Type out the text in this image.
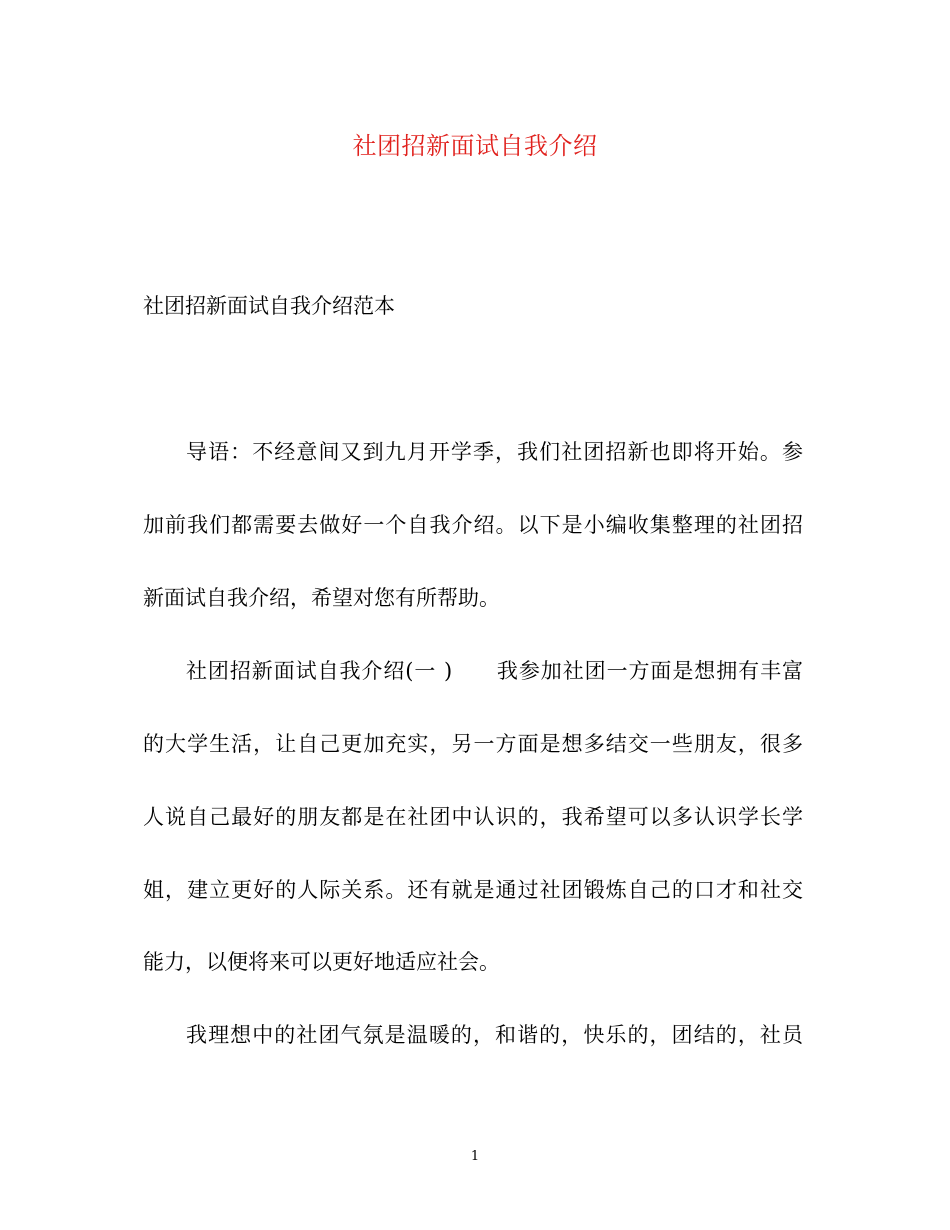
社团招新面试自我介绍
社团招新面试自我介绍范本
导语：不经意间又到九月开学季，我们社团招新也即将开始。参
加前我们都需要去做好一个自我介绍。以下是小编收集整理的社团招
新面试自我介绍，希望对您有所帮助。
社团招新面试自我介绍(一 )　　我参加社团一方面是想拥有丰富
的大学生活，让自己更加充实，另一方面是想多结交一些朋友，很多
人说自己最好的朋友都是在社团中认识的，我希望可以多认识学长学
姐，建立更好的人际关系。还有就是通过社团锻炼自己的口才和社交
能力，以便将来可以更好地适应社会。
我理想中的社团气氛是温暖的，和谐的，快乐的，团结的，社员
1
